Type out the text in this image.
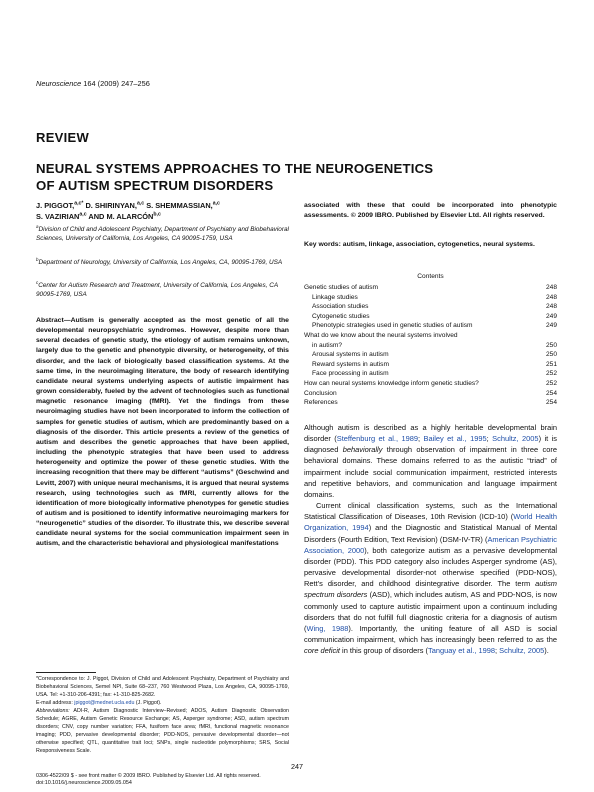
Neuroscience 164 (2009) 247–256
REVIEW
NEURAL SYSTEMS APPROACHES TO THE NEUROGENETICS
OF AUTISM SPECTRUM DISORDERS
J. PIGGOT,$^{a,c*}$ D. SHIRINYAN,$^{a,c}$ S. SHEMMASSIAN,$^{a,c}$
S. VAZIRIAN$^{a,c}$ AND M. ALARCÓN$^{b,c}$
$^a$Division of Child and Adolescent Psychiatry, Department of Psychiatry and Biobehavioral Sciences, University of California, Los Angeles, CA 90095-1759, USA
$^b$Department of Neurology, University of California, Los Angeles, CA, 90095-1769, USA
$^c$Center for Autism Research and Treatment, University of California, Los Angeles, CA 90095-1769, USA

Abstract—Autism is generally accepted as the most genetic of all the developmental neuropsychiatric syndromes. However, despite more than several decades of genetic study, the etiology of autism remains unknown, largely due to the genetic and phenotypic diversity, or heterogeneity, of this disorder, and the lack of biologically based classification systems. At the same time, in the neuroimaging literature, the body of research identifying candidate neural systems underlying aspects of autistic impairment has grown considerably, fueled by the advent of technologies such as functional magnetic resonance imaging (fMRI). Yet the findings from these neuroimaging studies have not been incorporated to inform the collection of samples for genetic studies of autism, which are predominantly based on a diagnosis of the disorder. This article presents a review of the genetics of autism and describes the genetic approaches that have been applied, including the phenotypic strategies that have been used to address heterogeneity and optimize the power of these genetic studies. With the increasing recognition that there may be different “autisms” (Geschwind and Levitt, 2007) with unique neural mechanisms, it is argued that neural systems research, using technologies such as fMRI, currently allows for the identification of more biologically informative phenotypes for genetic studies of autism and is positioned to identify informative neuroimaging markers for “neurogenetic” studies of the disorder. To illustrate this, we describe several candidate neural systems for the social communication impairment seen in autism, and the characteristic behavioral and physiological manifestations

*Correspondence to: J. Piggot, Division of Child and Adolescent Psychiatry, Department of Psychiatry and Biobehavioral Sciences, Semel NPI, Suite 68–237, 760 Westwood Plaza, Los Angeles, CA, 90095-1769, USA. Tel: +1-310-206-4391; fax: +1-310-825-2682.

E-mail address: jpiggot@mednet.ucla.edu (J. Piggot).

Abbreviations: ADI-R, Autism Diagnostic Interview–Revised; ADOS, Autism Diagnostic Observation Schedule; AGRE, Autism Genetic Resource Exchange; AS, Asperger syndrome; ASD, autism spectrum disorders; CNV, copy number variation; FFA, fusiform face area; fMRI, functional magnetic resonance imaging; PDD, pervasive developmental disorder; PDD-NOS, pervasive developmental disorder—not otherwise specified; QTL, quantitative trait loci; SNPs, single nucleotide polymorphisms; SRS, Social Responsiveness Scale.

0306-4522/09 $ - see front matter © 2009 IBRO. Published by Elsevier Ltd. All rights reserved.
doi:10.1016/j.neuroscience.2009.05.054
247
associated with these that could be incorporated into phenotypic assessments. © 2009 IBRO. Published by Elsevier Ltd. All rights reserved.
Key words: autism, linkage, association, cytogenetics, neural systems.
Contents
Genetic studies of autism	248
Linkage studies	248
Association studies	248
Cytogenetic studies	249
Phenotypic strategies used in genetic studies of autism	249
What do we know about the neural systems involved
in autism?	250
Arousal systems in autism	250
Reward systems in autism	251
Face processing in autism	252
How can neural systems knowledge inform genetic studies?	252
Conclusion	254
References	254

Although autism is described as a highly heritable developmental brain disorder (Steffenburg et al., 1989; Bailey et al., 1995; Schultz, 2005) it is diagnosed behaviorally through observation of impairment in three core behavioral domains. These domains referred to as the autistic “triad” of impairment include social communication impairment, restricted interests and repetitive behaviors, and communication and language impairment domains.

Current clinical classification systems, such as the International Statistical Classification of Diseases, 10th Revision (ICD-10) (World Health Organization, 1994) and the Diagnostic and Statistical Manual of Mental Disorders (Fourth Edition, Text Revision) (DSM-IV-TR) (American Psychiatric Association, 2000), both categorize autism as a pervasive developmental disorder (PDD). This PDD category also includes Asperger syndrome (AS), pervasive developmental disorder-not otherwise specified (PDD-NOS), Rett’s disorder, and childhood disintegrative disorder. The term autism spectrum disorders (ASD), which includes autism, AS and PDD-NOS, is now commonly used to capture autistic impairment upon a continuum including disorders that do not fulfill full diagnostic criteria for a diagnosis of autism (Wing, 1988). Importantly, the uniting feature of all ASD is social communication impairment, which has increasingly been referred to as the core deficit in this group of disorders (Tanguay et al., 1998; Schultz, 2005).
